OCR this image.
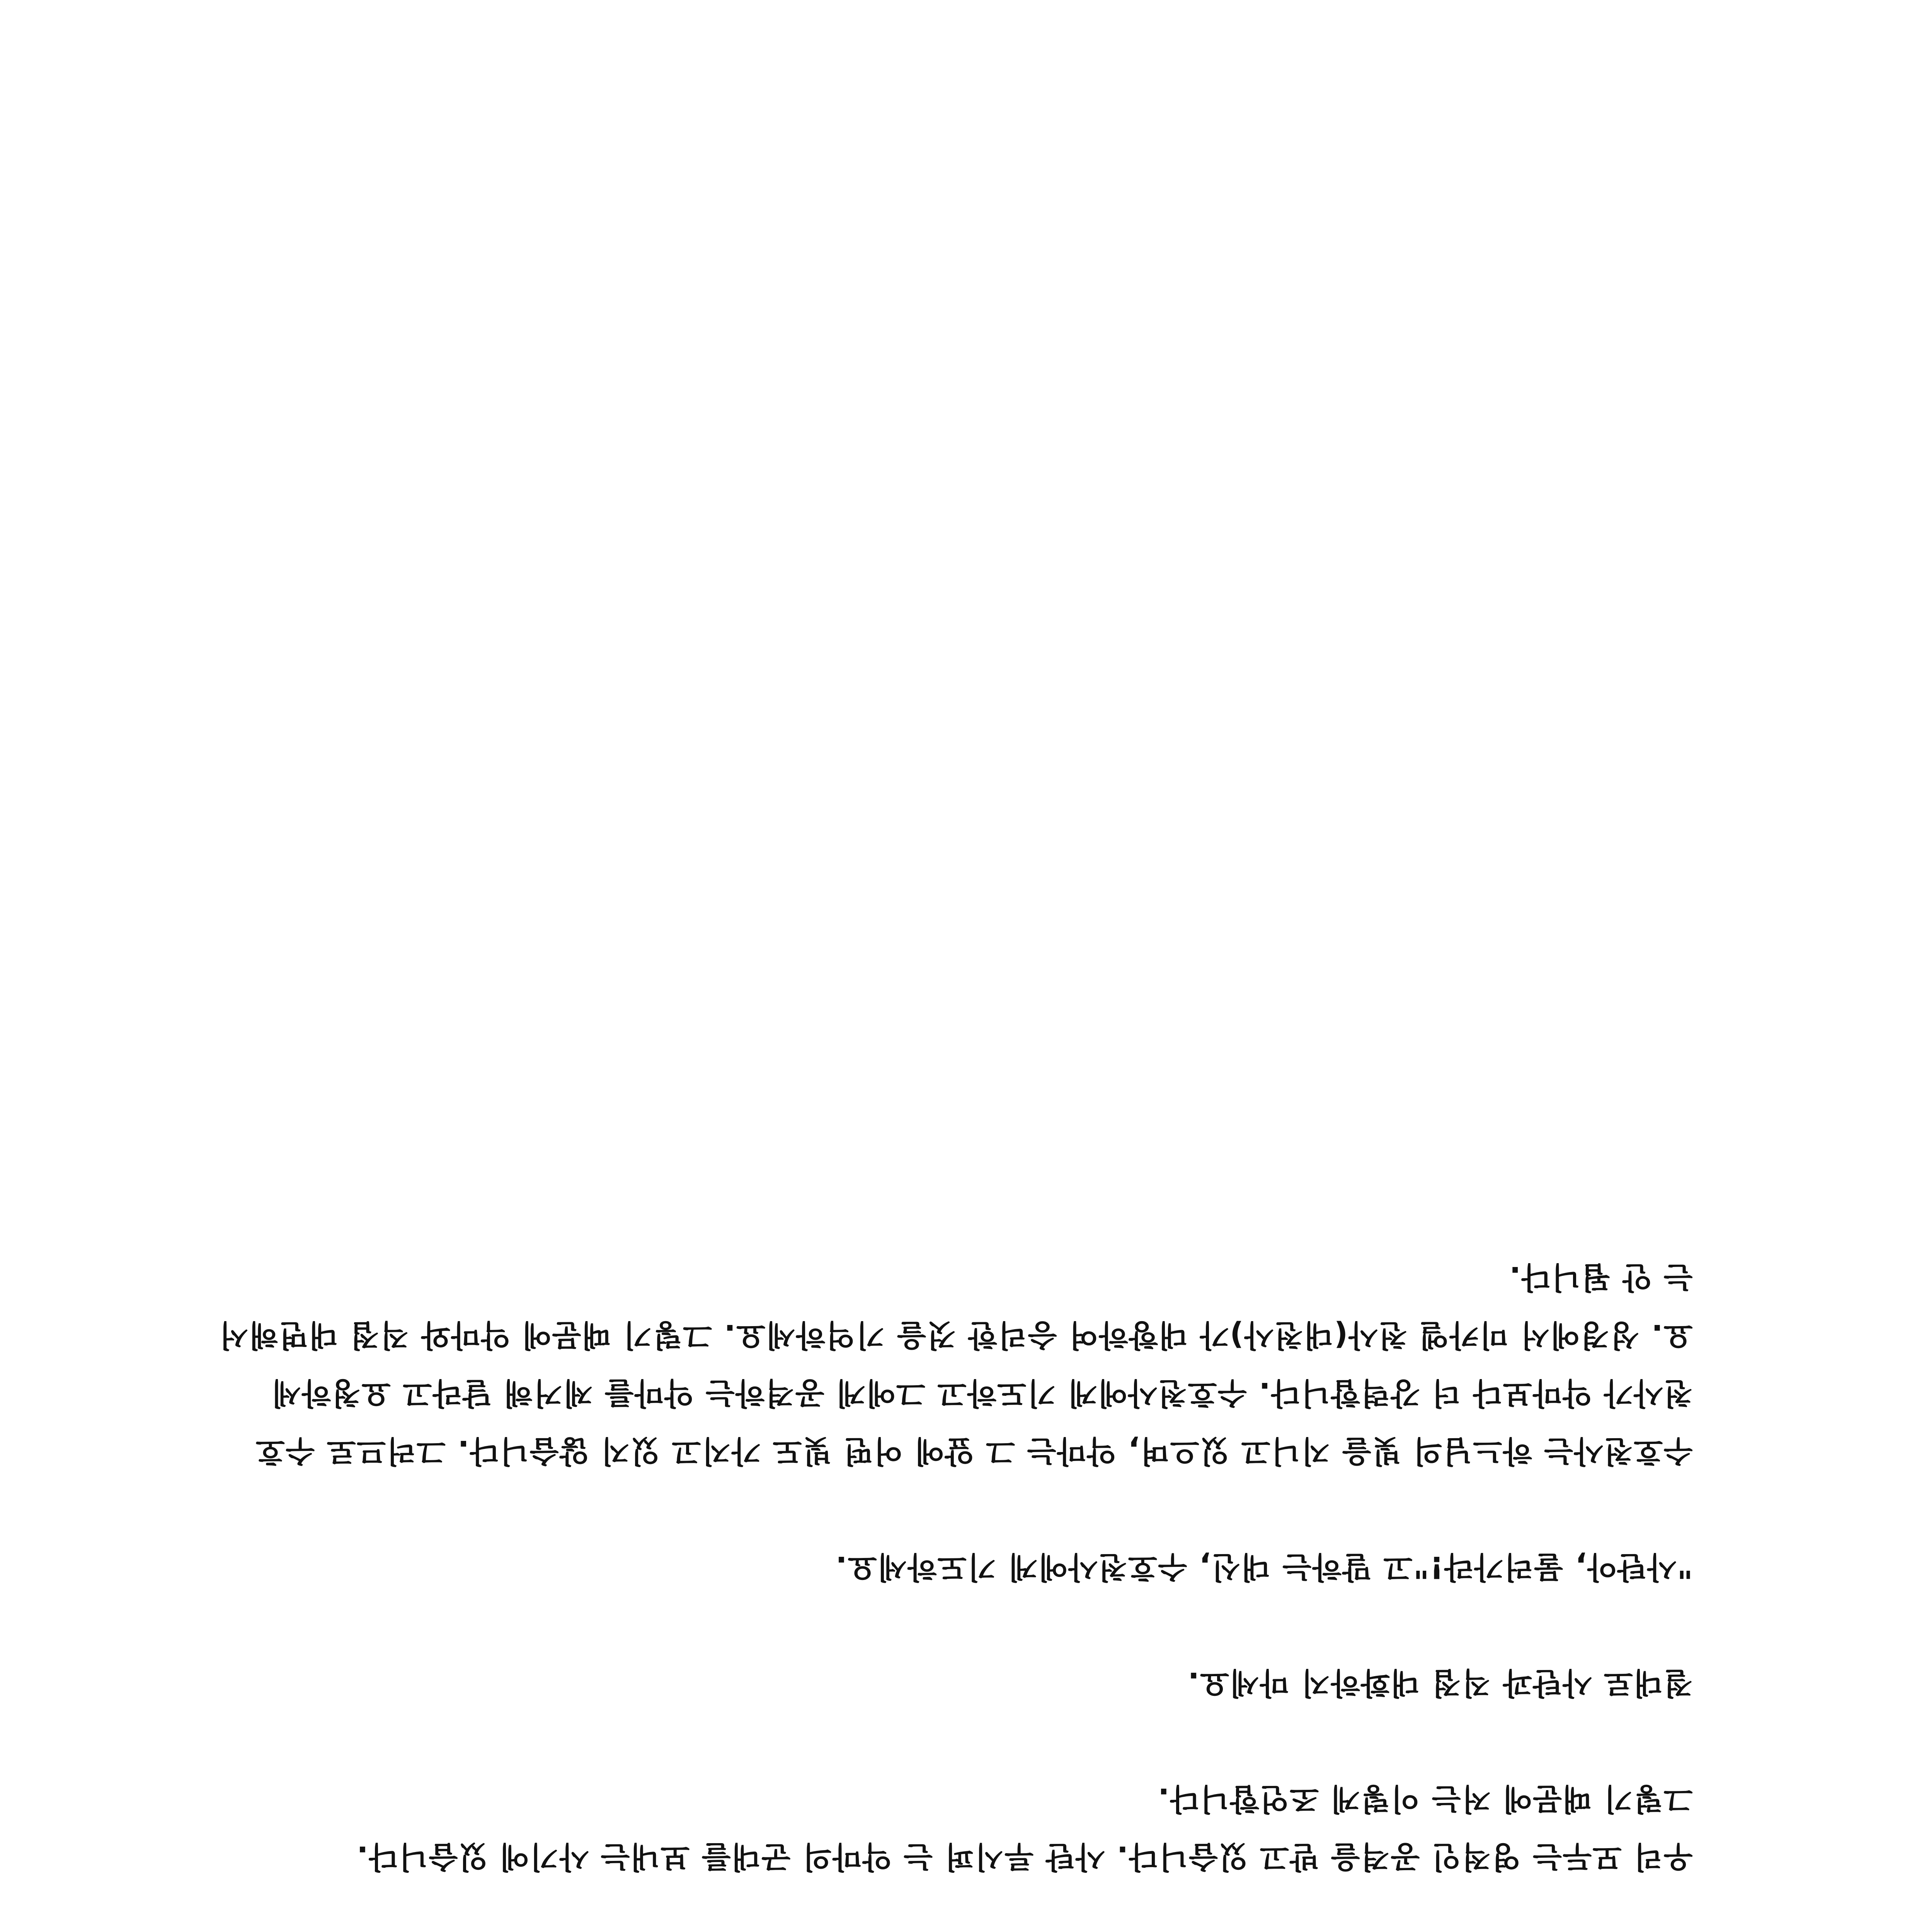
우리 모두는 영적인 공격을 받고 있습니다. 사탄 루시퍼 는 악마의 군대를 보내는 사기에 있습니다.

그렇기 때문에 저는 이렇게 조언합니다.

절대로 사탄과 직접 대화하지 마세요.

"사탄아, 물러가라!"고 말하는 대신, 수호천사에게 기도하세요.

수호천사는 하느님의 빛을 지니고 있으며, 악마는 그 앞에 어떤 빛도 가지고 있지 않습니다. 그러므로 수호

천사가 악마보다 더 강력합니다. 수호천사에게 기도하고 그에게 공격하는 악마를 제거해 달라고 요청하세

요. 성경에서 미카엘 천사(대천사)가 대항하여 승리한 것을 기억하세요. 그렇기 때문에 악마와 직접 대면해서

는 안 됩니다.
